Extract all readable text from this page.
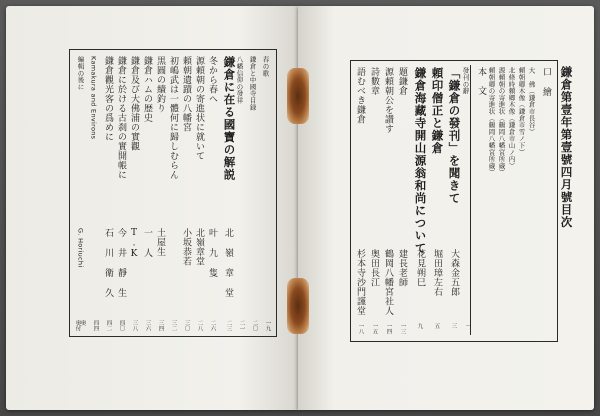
春の歌
一九
鎌倉と中國寺目録
二〇
八幡信仰の發祥
二一
鎌倉に在る國寶の解説
北 嶺 章 堂
二三
冬から春へ
叶 九 隻
二六
源頼朝の寄進状に就いて
北嶺章堂
二八
頼朝遺蹟の八幡宮
小坂恭若
三〇
初嶋武は一體何に歸しむらん
三二
黒圓の續釣り
土屋生
三四
鎌倉ハムの歴史
一 人
三六
鎌倉及び大佛浦の實觀
T.K
三八
鎌倉に於ける古刹の實開帳に
今 井 靜 生
四〇
鎌倉觀光客の爲めに
石 川 衛 久
四二
Kamakura and Environs
四四
編輯の後に
G. Horiuchi
奥
奥付
口 繪
大　佛（鎌倉市長谷）
頼朝卿木像（鎌倉市雪ノ下）
北條時頼卿木像（鎌倉市山ノ内）
源頼朝の寄進状（鶴岡八幡宮所蔵）
頼朝卿の寄進状（鶴岡八幡宮所蔵）
本　文
發刊の辭
一
「鎌倉の發刊」を聞きて
大森金五郎
三
頼印僧正と鎌倉
堀田璋左右
五
鎌倉海藏寺開山源翁和尚について
花見朔巳
九
題鎌倉
建長老師
一三
源頼朝公を讃す
鶴岡八幡宮社人
一四
詩數章
奥田長江
一五
語むべき鎌倉
杉本寺沙門謹堂
一八
鎌倉第壹年第壹號四月號目次
